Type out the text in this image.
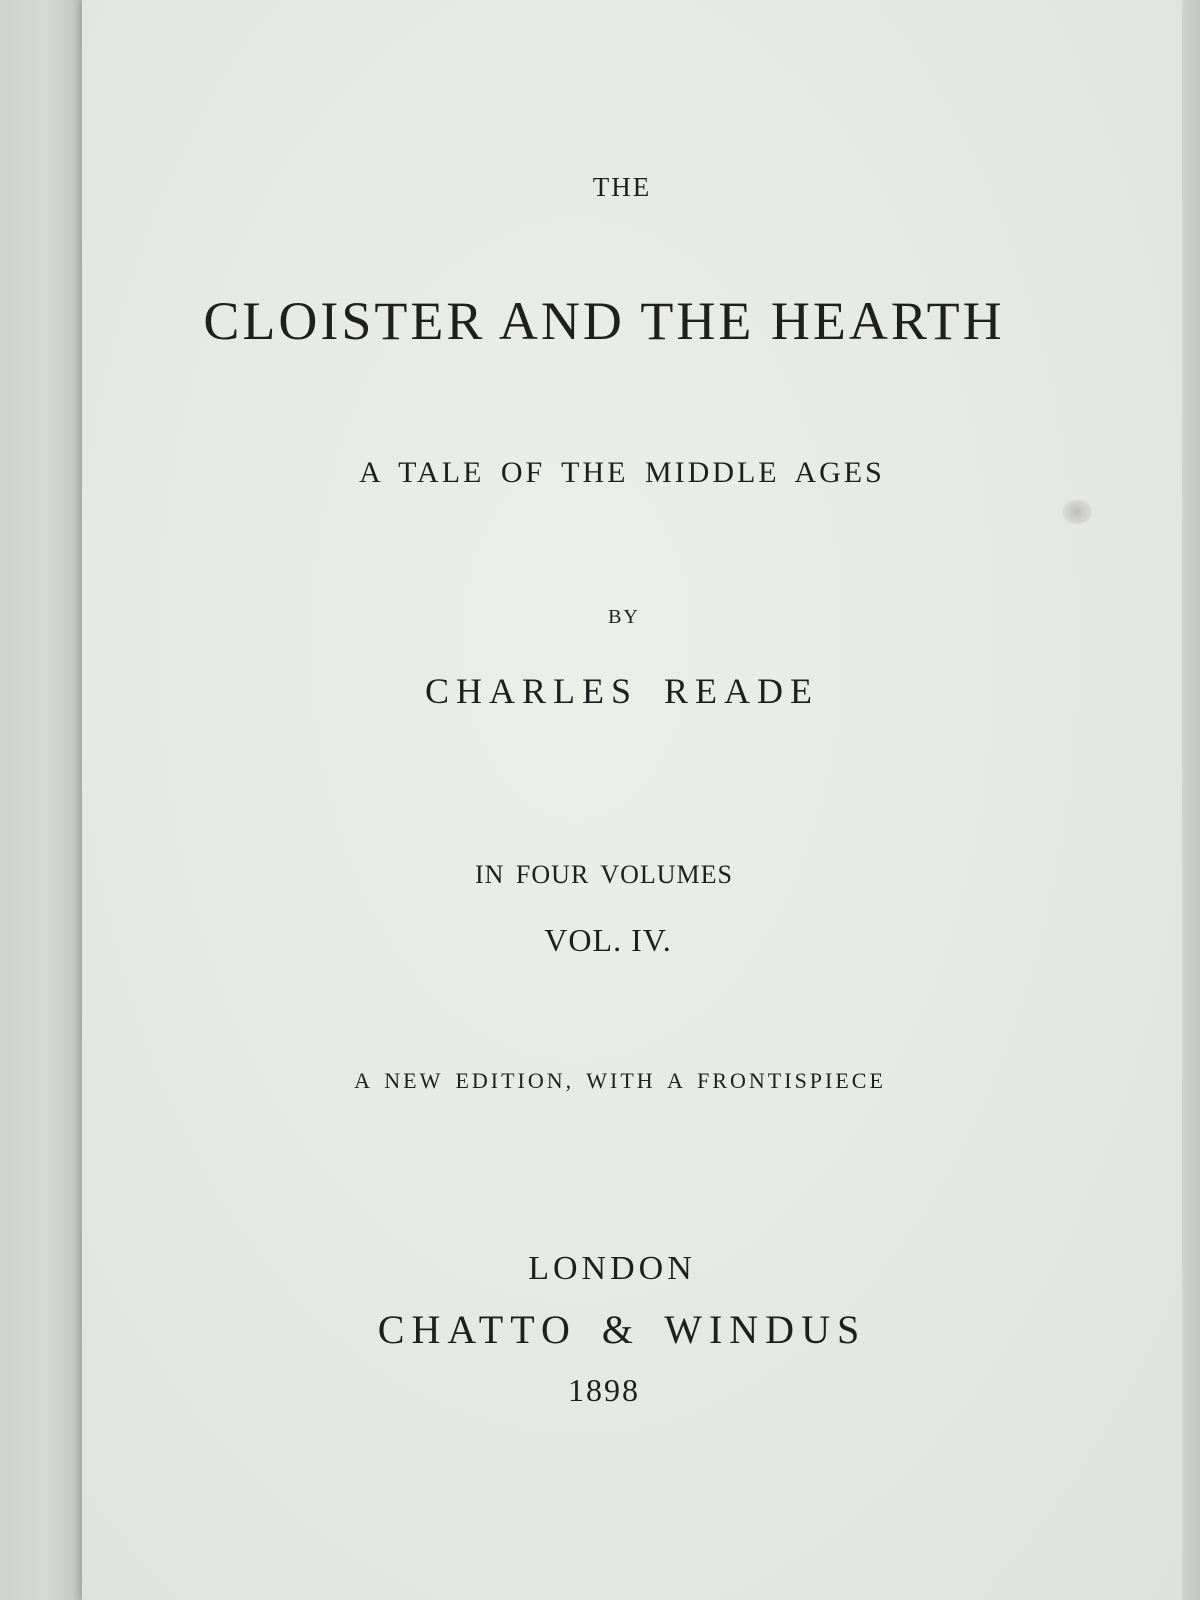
THE
CLOISTER AND THE HEARTH
A TALE OF THE MIDDLE AGES
BY
CHARLES READE
IN FOUR VOLUMES
VOL. IV.
A NEW EDITION, WITH A FRONTISPIECE
LONDON
CHATTO & WINDUS
1898
